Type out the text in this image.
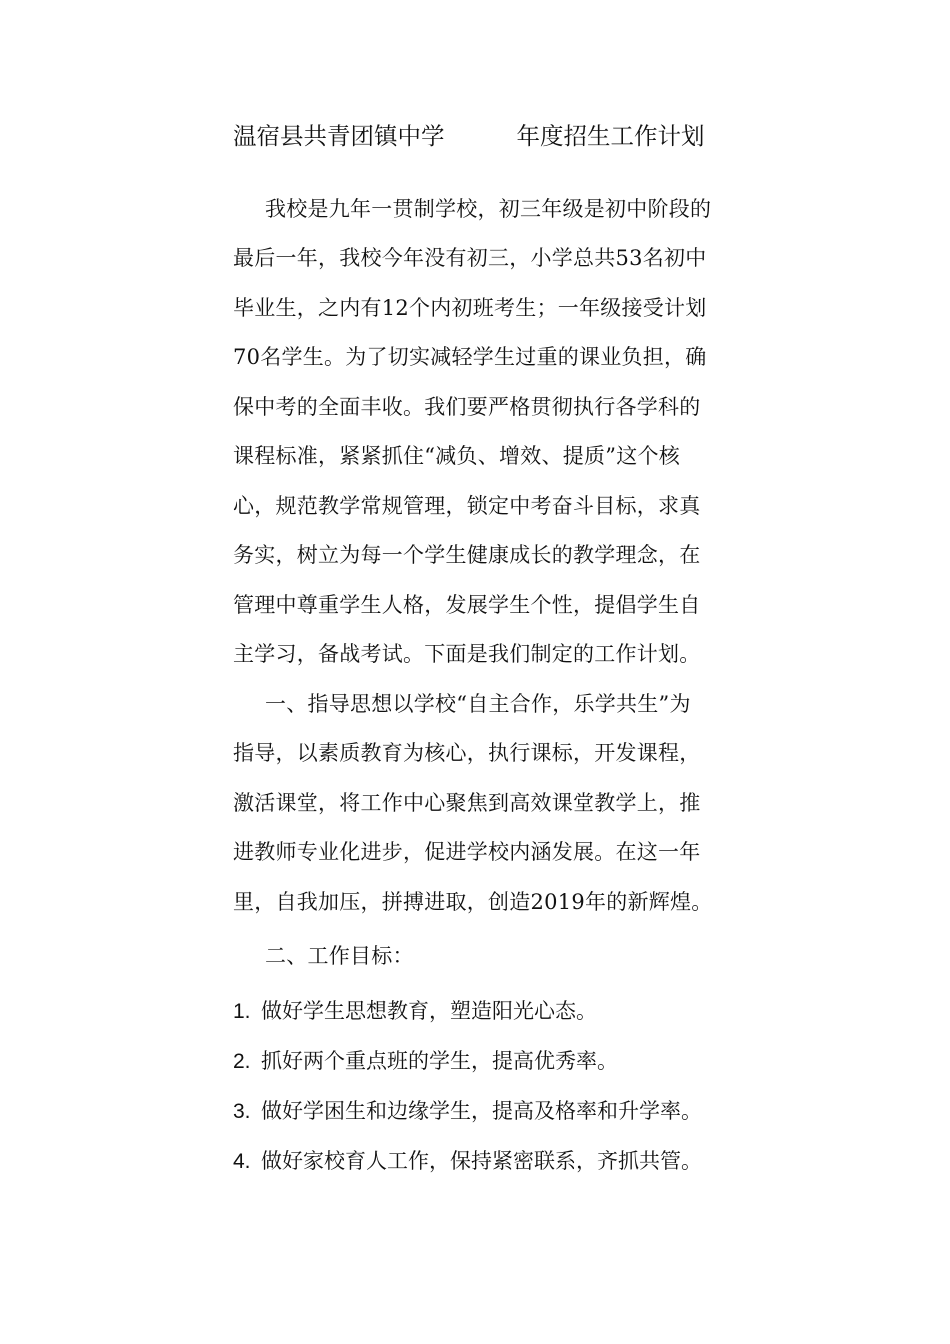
温宿县共青团镇中学	年度招生工作计划
我校是九年一贯制学校，初三年级是初中阶段的
最后一年，我校今年没有初三，小学总共53名初中
毕业生，之内有12个内初班考生；一年级接受计划
70名学生。为了切实减轻学生过重的课业负担，确
保中考的全面丰收。我们要严格贯彻执行各学科的
课程标准，紧紧抓住“减负、增效、提质”这个核
心，规范教学常规管理，锁定中考奋斗目标，求真
务实，树立为每一个学生健康成长的教学理念，在
管理中尊重学生人格，发展学生个性，提倡学生自
主学习，备战考试。下面是我们制定的工作计划。
一、指导思想以学校“自主合作，乐学共生”为
指导，以素质教育为核心，执行课标，开发课程，
激活课堂，将工作中心聚焦到高效课堂教学上，推
进教师专业化进步，促进学校内涵发展。在这一年
里，自我加压，拼搏进取，创造2019年的新辉煌。
二、工作目标：
1. 做好学生思想教育，塑造阳光心态。
2. 抓好两个重点班的学生，提高优秀率。
3. 做好学困生和边缘学生，提高及格率和升学率。
4. 做好家校育人工作，保持紧密联系，齐抓共管。
